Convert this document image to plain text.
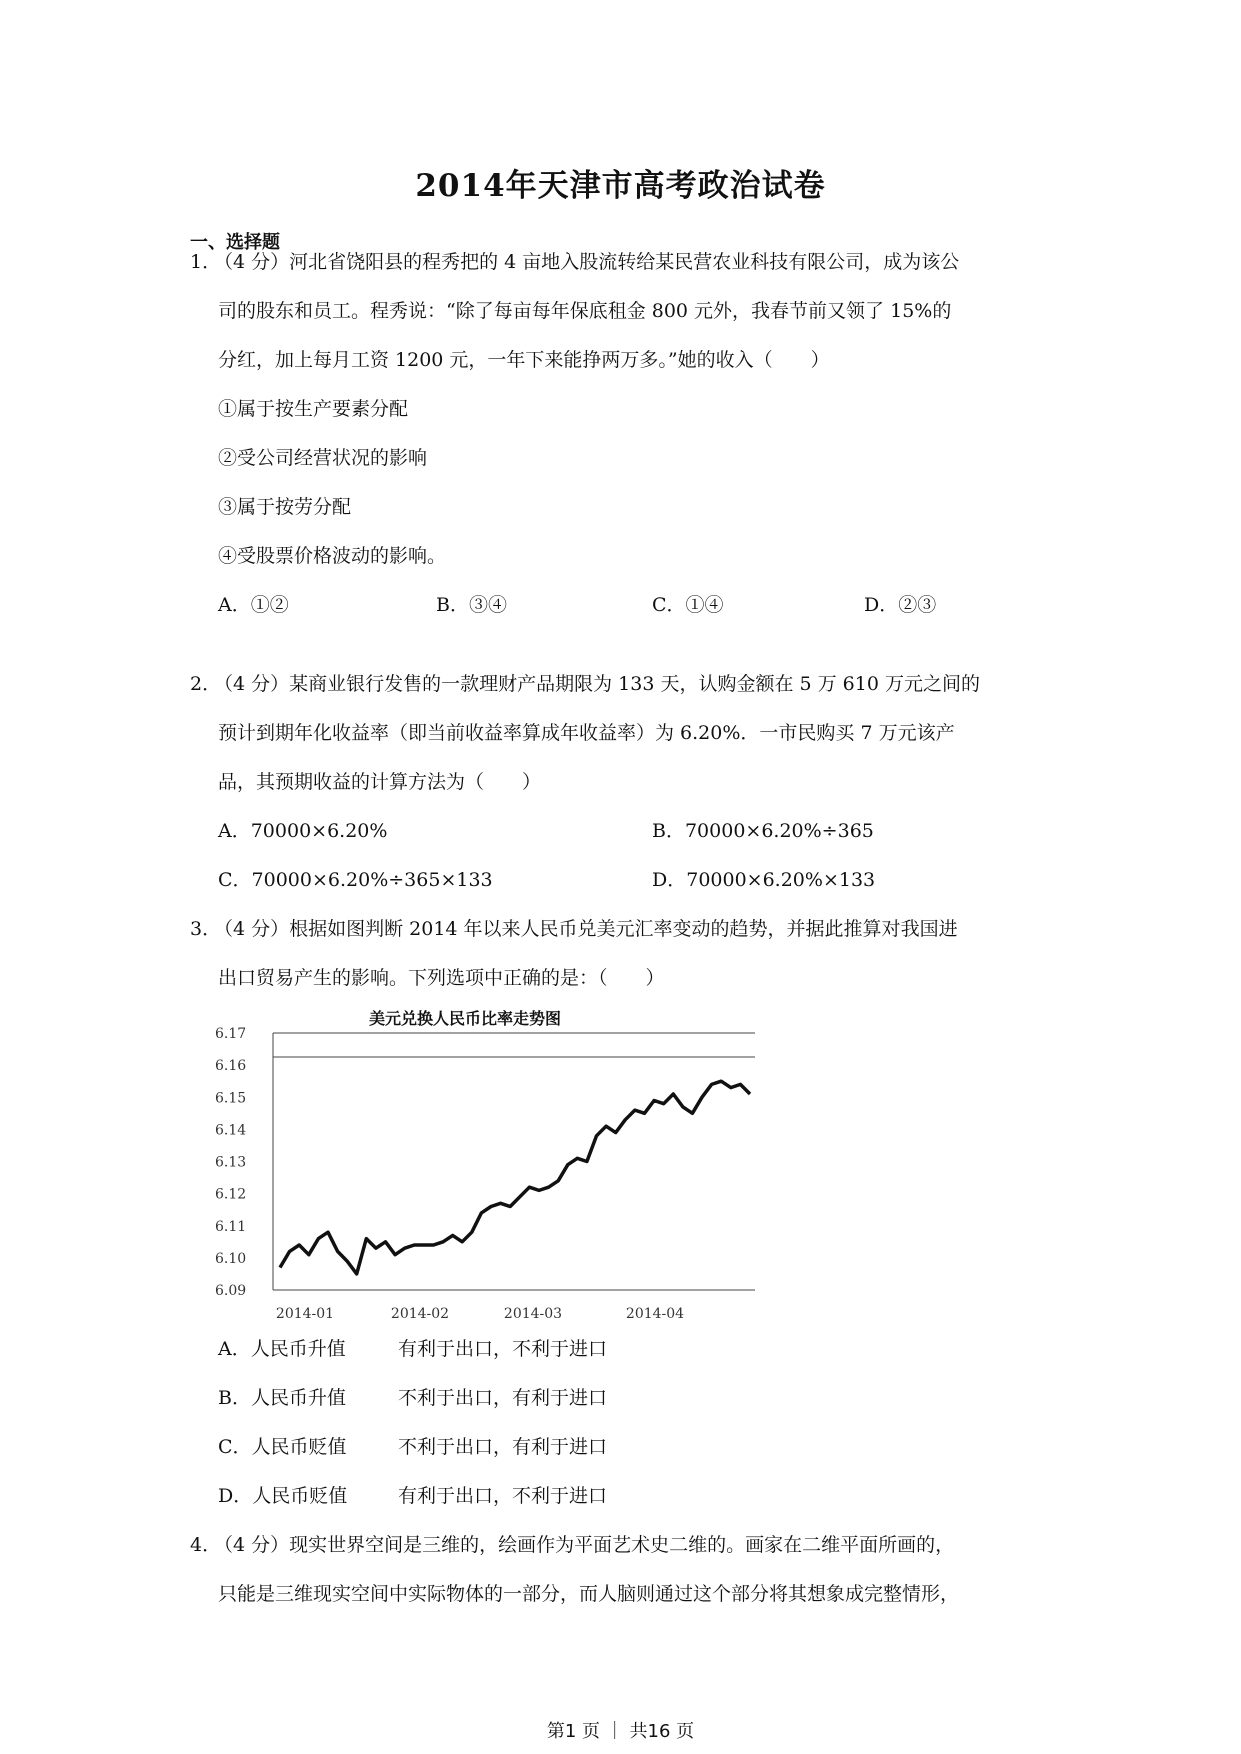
2014年天津市高考政治试卷
一、选择题
1．
（4 分）河北省饶阳县的程秀把的 4 亩地入股流转给某民营农业科技有限公司，成为该公
司的股东和员工。程秀说：“除了每亩每年保底租金 800 元外，我春节前又领了 15%的
分红，加上每月工资 1200 元，一年下来能挣两万多。”她的收入（　　）
①属于按生产要素分配
②受公司经营状况的影响
③属于按劳分配
④受股票价格波动的影响。
A．①②	B．③④	C．①④	D．②③
2．
（4 分）某商业银行发售的一款理财产品期限为 133 天，认购金额在 5 万 610 万元之间的
预计到期年化收益率（即当前收益率算成年收益率）为 6.20%．一市民购买 7 万元该产
品，其预期收益的计算方法为（　　）
A．70000×6.20%	B．70000×6.20%÷365
C．70000×6.20%÷365×133	D．70000×6.20%×133
3．
（4 分）根据如图判断 2014 年以来人民币兑美元汇率变动的趋势，并据此推算对我国进
出口贸易产生的影响。下列选项中正确的是：（　　）
美元兑换人民币比率走势图
6.09
6.10
6.11
6.12
6.13
6.14
6.15
6.16
6.17
2014-01	2014-02	2014-03	2014-04
A．人民币升值	有利于出口，不利于进口
B．人民币升值	不利于出口，有利于进口
C．人民币贬值	不利于出口，有利于进口
D．人民币贬值	有利于出口，不利于进口
4．
（4 分）现实世界空间是三维的，绘画作为平面艺术史二维的。画家在二维平面所画的，
只能是三维现实空间中实际物体的一部分，而人脑则通过这个部分将其想象成完整情形，
第1 页 ｜ 共16 页
